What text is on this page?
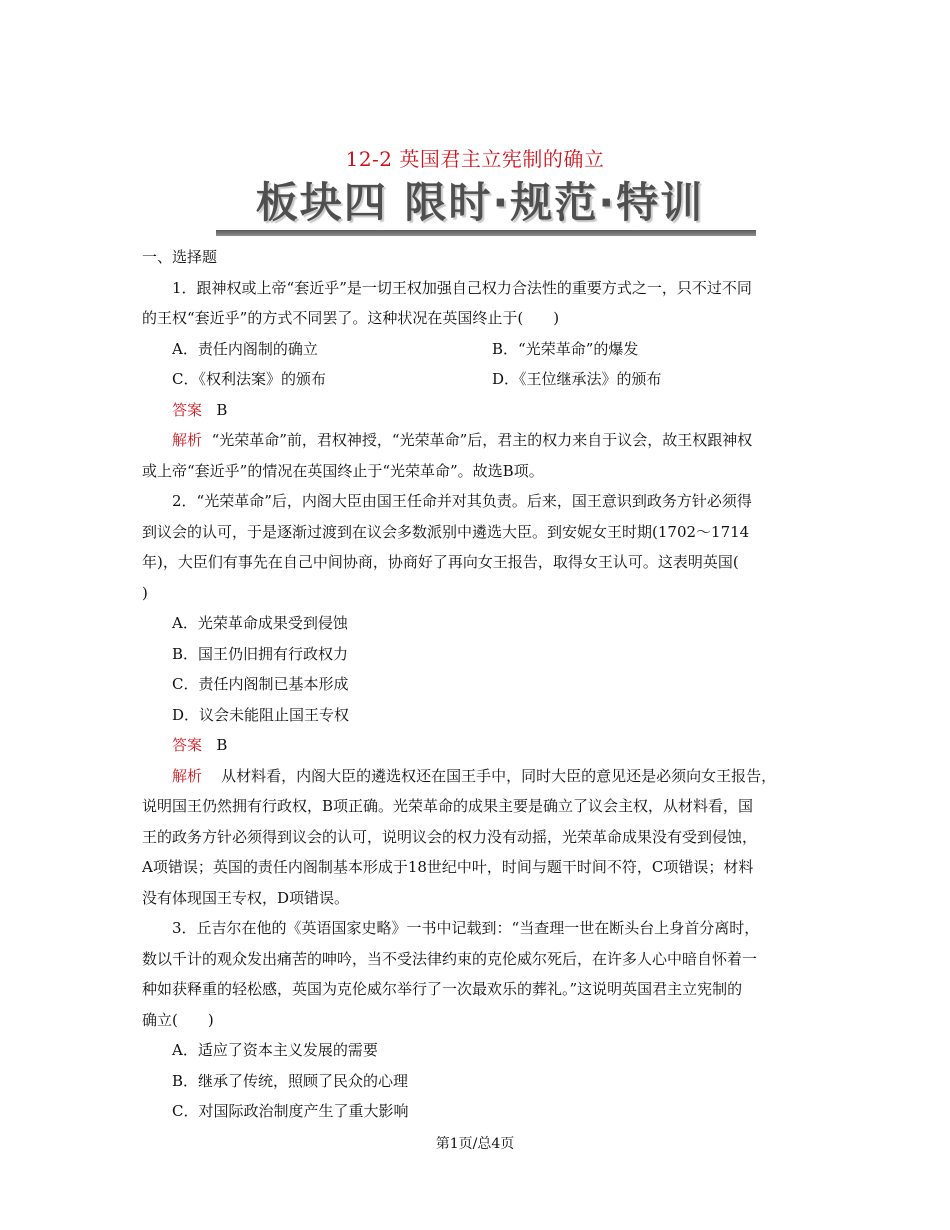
12-2 英国君主立宪制的确立
板块四 限时·规范·特训

一、选择题

1．跟神权或上帝“套近乎”是一切王权加强自己权力合法性的重要方式之一，只不过不同

的王权“套近乎”的方式不同罢了。这种状况在英国终止于(　　)

A．责任内阁制的确立	B．“光荣革命”的爆发
C．《权利法案》的颁布	D．《王位继承法》的颁布

答案 B

解析 “光荣革命”前，君权神授，“光荣革命”后，君主的权力来自于议会，故王权跟神权

或上帝“套近乎”的情况在英国终止于“光荣革命”。故选B项。

2．“光荣革命”后，内阁大臣由国王任命并对其负责。后来，国王意识到政务方针必须得

到议会的认可，于是逐渐过渡到在议会多数派别中遴选大臣。到安妮女王时期(1702～1714

年)，大臣们有事先在自己中间协商，协商好了再向女王报告，取得女王认可。这表明英国(

)

A．光荣革命成果受到侵蚀

B．国王仍旧拥有行政权力

C．责任内阁制已基本形成

D．议会未能阻止国王专权

答案 B

解析 从材料看，内阁大臣的遴选权还在国王手中，同时大臣的意见还是必须向女王报告，

说明国王仍然拥有行政权，B项正确。光荣革命的成果主要是确立了议会主权，从材料看，国

王的政务方针必须得到议会的认可，说明议会的权力没有动摇，光荣革命成果没有受到侵蚀，

A项错误；英国的责任内阁制基本形成于18世纪中叶，时间与题干时间不符，C项错误；材料

没有体现国王专权，D项错误。

3．丘吉尔在他的《英语国家史略》一书中记载到：“当查理一世在断头台上身首分离时，

数以千计的观众发出痛苦的呻吟，当不受法律约束的克伦威尔死后，在许多人心中暗自怀着一

种如获释重的轻松感，英国为克伦威尔举行了一次最欢乐的葬礼。”这说明英国君主立宪制的

确立(　　)

A．适应了资本主义发展的需要

B．继承了传统，照顾了民众的心理

C．对国际政治制度产生了重大影响

第1页/总4页
